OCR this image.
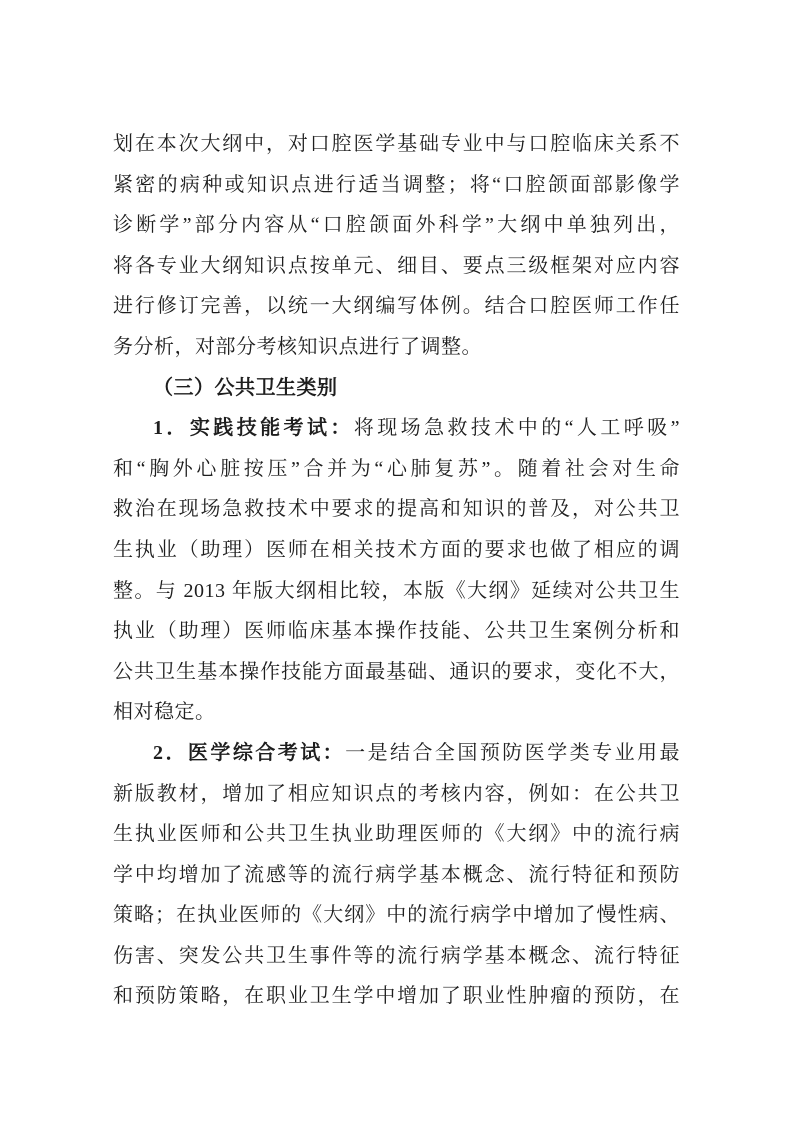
划在本次大纲中，对口腔医学基础专业中与口腔临床关系不
紧密的病种或知识点进行适当调整；将“口腔颌面部影像学
诊断学”部分内容从“口腔颌面外科学”大纲中单独列出，
将各专业大纲知识点按单元、细目、要点三级框架对应内容
进行修订完善，以统一大纲编写体例。结合口腔医师工作任
务分析，对部分考核知识点进行了调整。
（三）公共卫生类别
1．实践技能考试：将现场急救技术中的“人工呼吸”
和“胸外心脏按压”合并为“心肺复苏”。随着社会对生命
救治在现场急救技术中要求的提高和知识的普及，对公共卫
生执业（助理）医师在相关技术方面的要求也做了相应的调
整。与 2013 年版大纲相比较，本版《大纲》延续对公共卫生
执业（助理）医师临床基本操作技能、公共卫生案例分析和
公共卫生基本操作技能方面最基础、通识的要求，变化不大，
相对稳定。
2．医学综合考试：一是结合全国预防医学类专业用最
新版教材，增加了相应知识点的考核内容，例如：在公共卫
生执业医师和公共卫生执业助理医师的《大纲》中的流行病
学中均增加了流感等的流行病学基本概念、流行特征和预防
策略；在执业医师的《大纲》中的流行病学中增加了慢性病、
伤害、突发公共卫生事件等的流行病学基本概念、流行特征
和预防策略，在职业卫生学中增加了职业性肿瘤的预防，在
